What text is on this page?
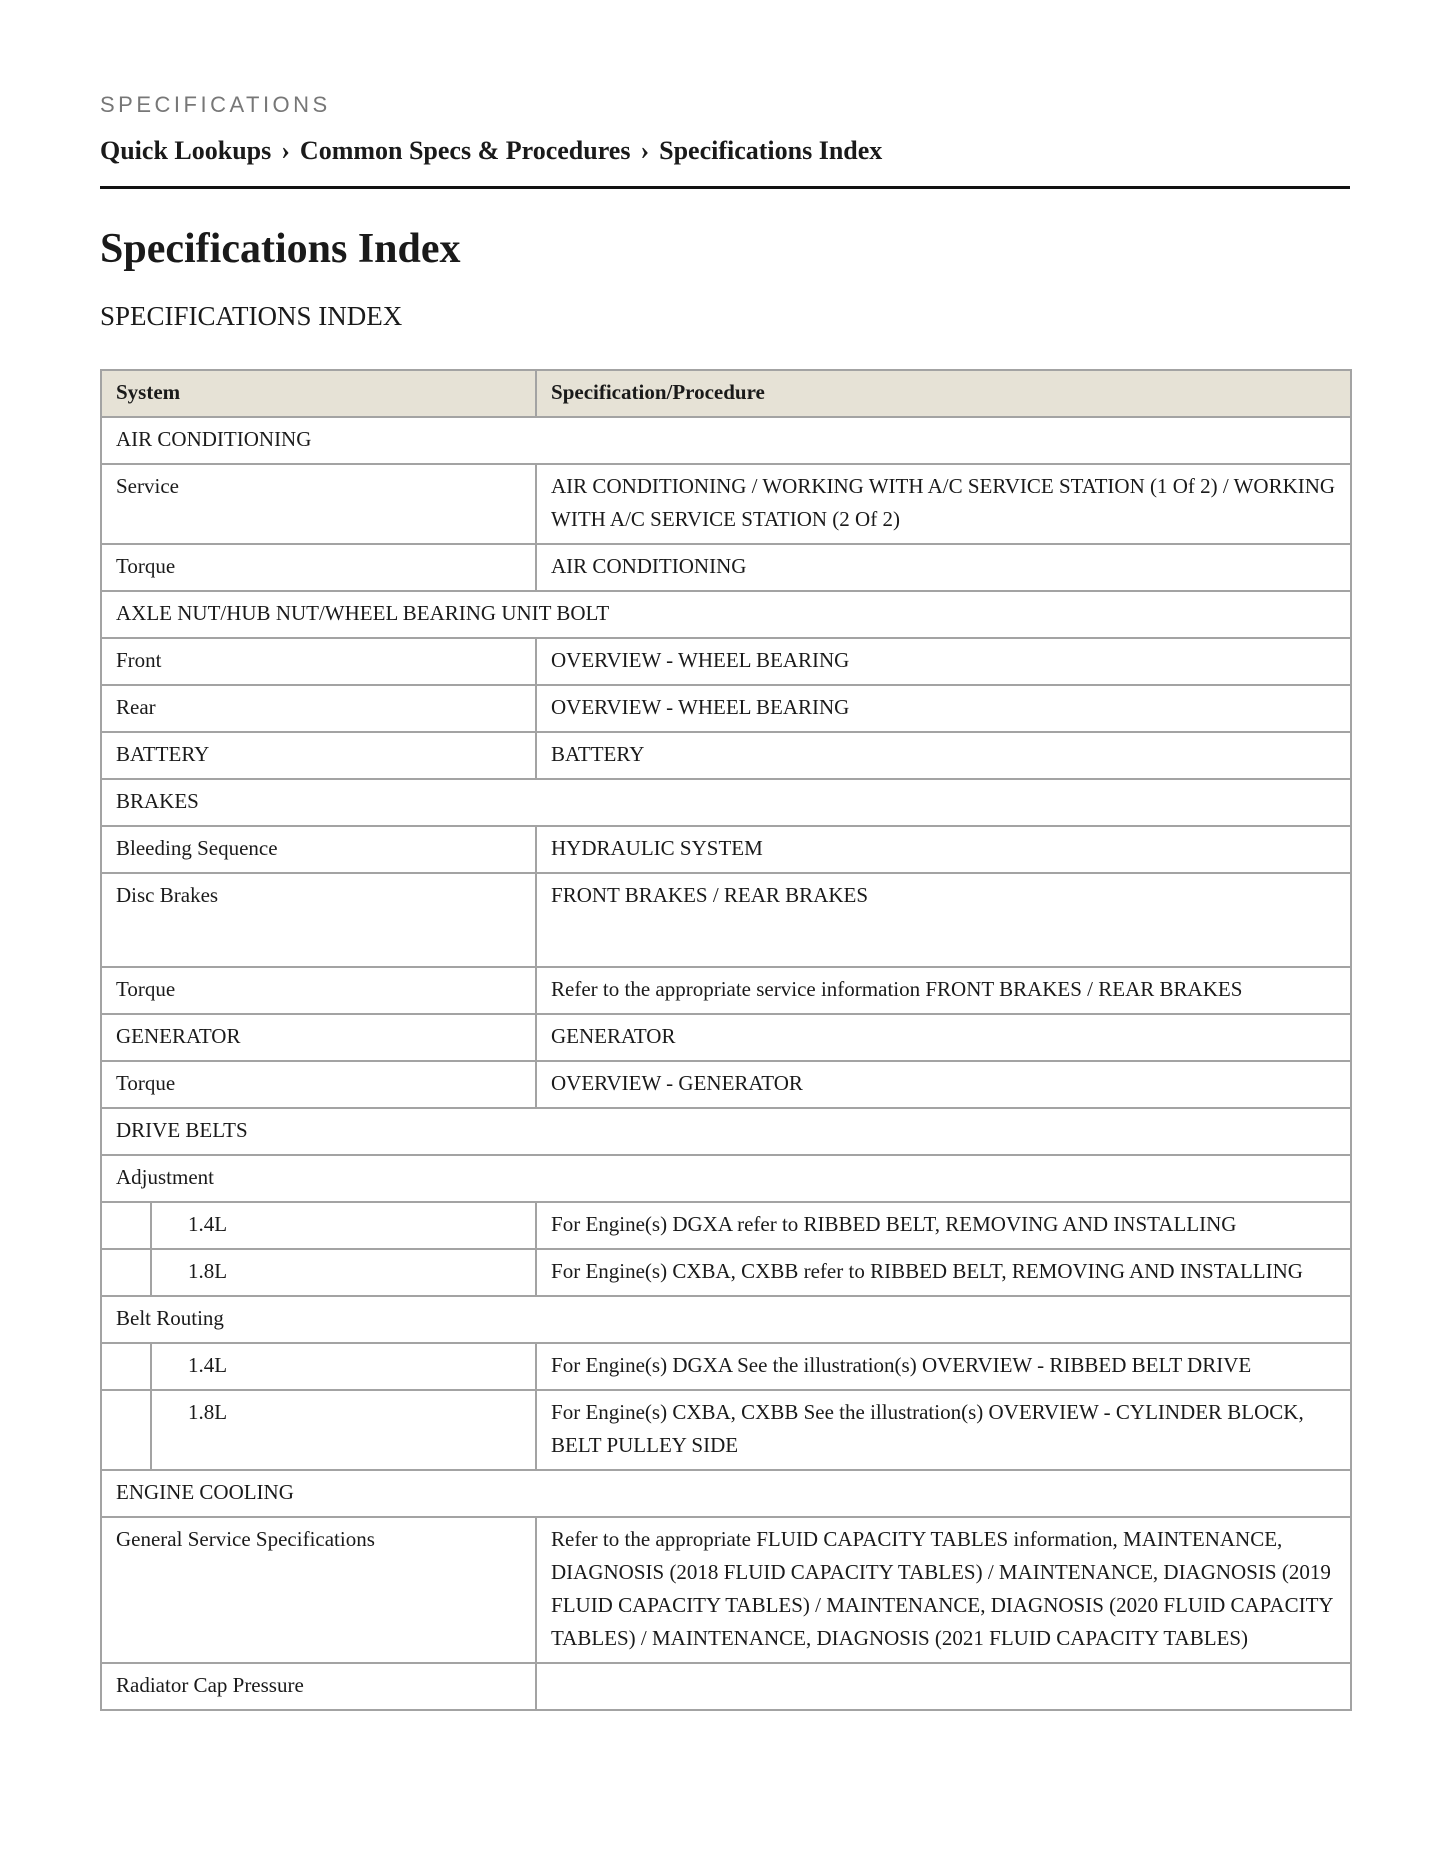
SPECIFICATIONS
Quick Lookups › Common Specs & Procedures › Specifications Index
Specifications Index
SPECIFICATIONS INDEX
System		Specification/Procedure
AIR CONDITIONING		
Service		AIR CONDITIONING / WORKING WITH A/C SERVICE STATION (1 Of 2) / WORKING WITH A/C SERVICE STATION (2 Of 2)
Torque		AIR CONDITIONING
AXLE NUT/HUB NUT/WHEEL BEARING UNIT BOLT		
Front		OVERVIEW - WHEEL BEARING
Rear		OVERVIEW - WHEEL BEARING
BATTERY		BATTERY
BRAKES		
Bleeding Sequence		HYDRAULIC SYSTEM
Disc Brakes		FRONT BRAKES / REAR BRAKES
Torque		Refer to the appropriate service information FRONT BRAKES / REAR BRAKES
GENERATOR		GENERATOR
Torque		OVERVIEW - GENERATOR
DRIVE BELTS		
Adjustment		
	1.4L	For Engine(s) DGXA refer to RIBBED BELT, REMOVING AND INSTALLING
	1.8L	For Engine(s) CXBA, CXBB refer to RIBBED BELT, REMOVING AND INSTALLING
Belt Routing		
	1.4L	For Engine(s) DGXA See the illustration(s) OVERVIEW - RIBBED BELT DRIVE
	1.8L	For Engine(s) CXBA, CXBB See the illustration(s) OVERVIEW - CYLINDER BLOCK, BELT PULLEY SIDE
ENGINE COOLING		
General Service Specifications		Refer to the appropriate FLUID CAPACITY TABLES information, MAINTENANCE, DIAGNOSIS (2018 FLUID CAPACITY TABLES) / MAINTENANCE, DIAGNOSIS (2019 FLUID CAPACITY TABLES) / MAINTENANCE, DIAGNOSIS (2020 FLUID CAPACITY TABLES) / MAINTENANCE, DIAGNOSIS (2021 FLUID CAPACITY TABLES)
Radiator Cap Pressure		
